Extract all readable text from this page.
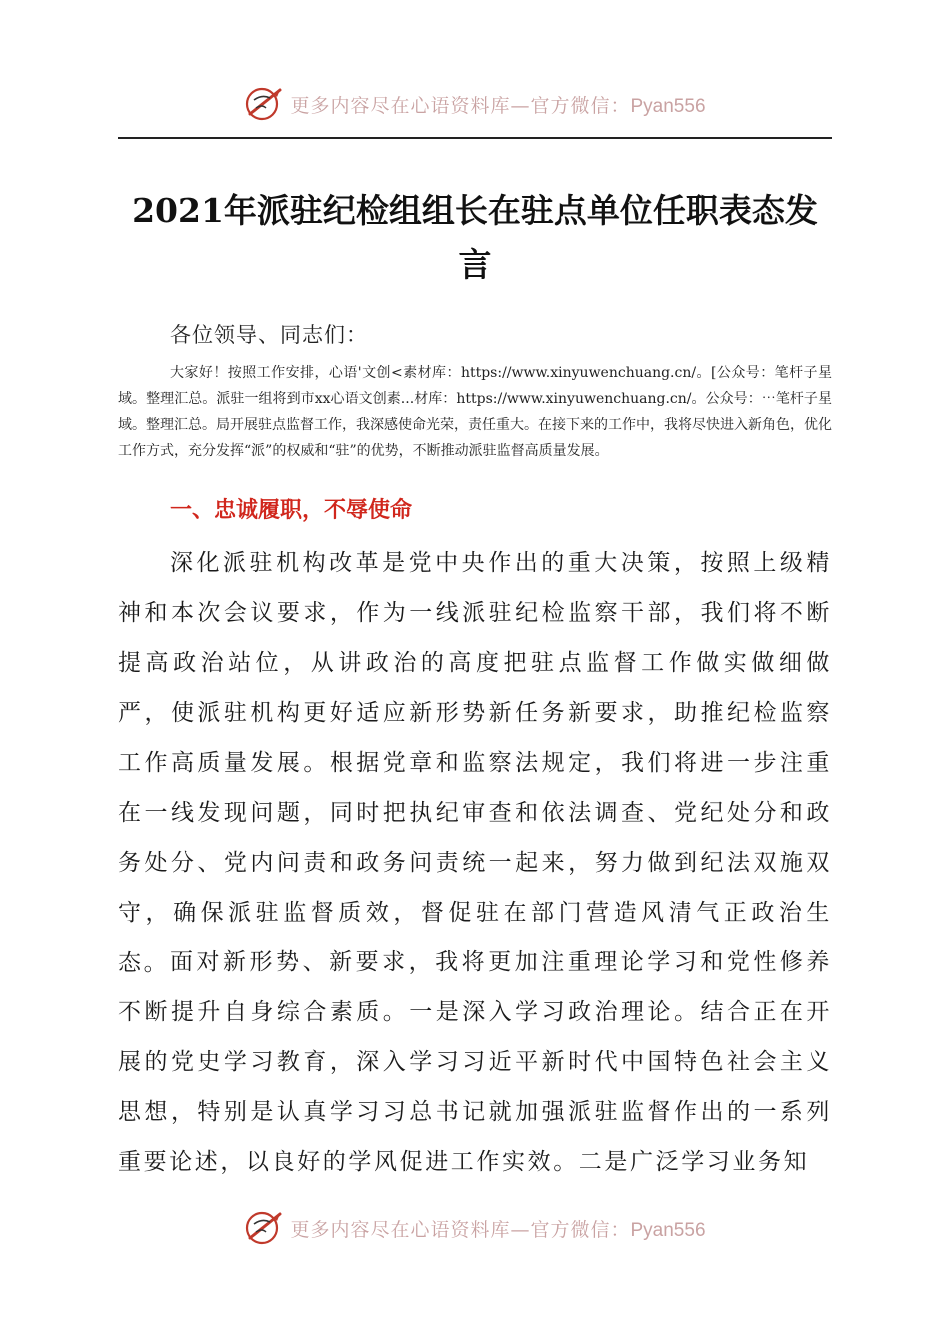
更多内容尽在心语资料库—官方微信：Pyan556
2021年派驻纪检组组长在驻点单位任职表态发言
各位领导、同志们：
大家好！按照工作安排，心语'文创<素材库：https://www.xinyuwenchuang.cn/。[公众号：笔杆子星域。整理汇总。派驻一组将到市xx心语文创素...材库：https://www.xinyuwenchuang.cn/。公众号：⋯笔杆子星域。整理汇总。局开展驻点监督工作，我深感使命光荣，责任重大。在接下来的工作中，我将尽快进入新角色，优化工作方式，充分发挥“派”的权威和“驻”的优势，不断推动派驻监督高质量发展。
一、忠诚履职，不辱使命
深化派驻机构改革是党中央作出的重大决策，按照上级精神和本次会议要求，作为一线派驻纪检监察干部，我们将不断提高政治站位，从讲政治的高度把驻点监督工作做实做细做严，使派驻机构更好适应新形势新任务新要求，助推纪检监察工作高质量发展。根据党章和监察法规定，我们将进一步注重在一线发现问题，同时把执纪审查和依法调查、党纪处分和政务处分、党内问责和政务问责统一起来，努力做到纪法双施双守，确保派驻监督质效，督促驻在部门营造风清气正政治生态。 面对新形势、新要求，我将更加注重理论学习和党性修养不断提升自身综合素质。一是深入学习政治理论。结合正在开展的党史学习教育，深入学习习近平新时代中国特色社会主义思想，特别是认真学习习总书记就加强派驻监督作出的一系列重要论述，以良好的学风促进工作实效。二是广泛学习业务知
更多内容尽在心语资料库—官方微信：Pyan556
